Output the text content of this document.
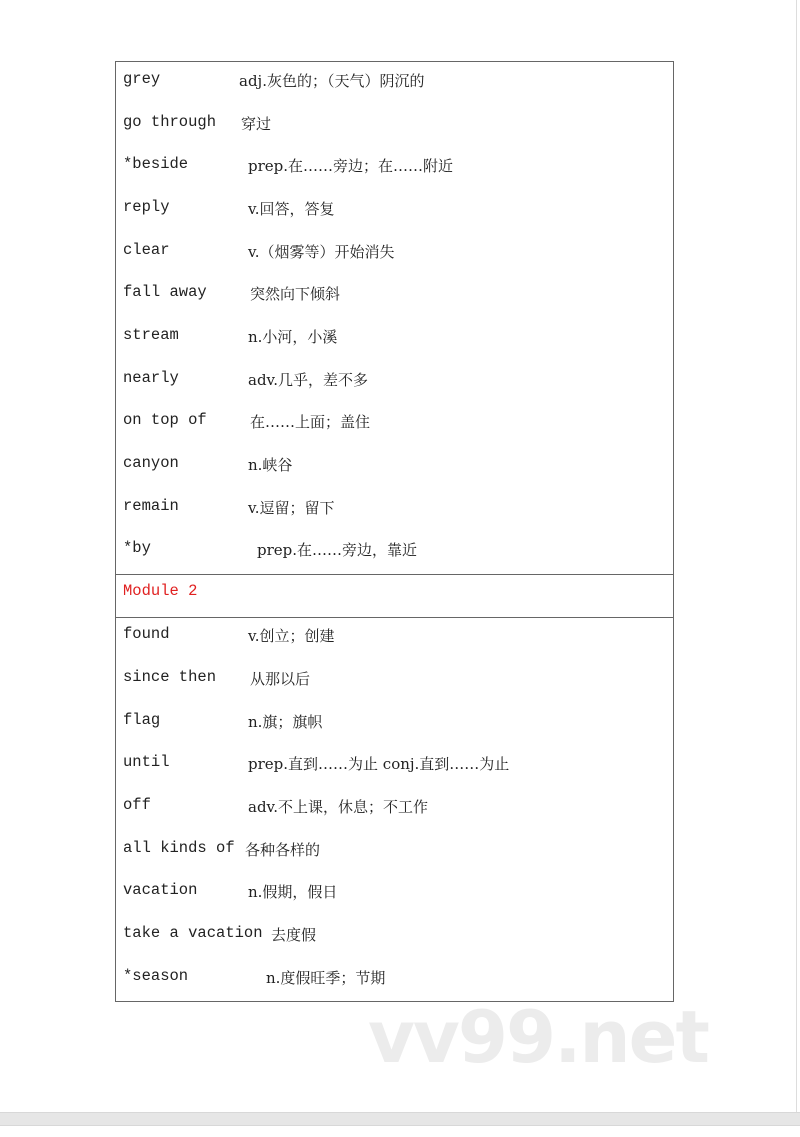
grey	adj.灰色的；（天气）阴沉的
go through 穿过
*beside	prep.在……旁边；在……附近
reply	v.回答，答复
clear	v.（烟雾等）开始消失
fall away	突然向下倾斜
stream	n.小河，小溪
nearly	adv.几乎，差不多
on top of	在……上面；盖住
canyon	n.峡谷
remain	v.逗留；留下
*by	prep.在……旁边，靠近
Module 2
found	v.创立；创建
since then 从那以后
flag	n.旗；旗帜
until	prep.直到……为止 conj.直到……为止
off	adv.不上课，休息；不工作
all kinds of 各种各样的
vacation	n.假期，假日
take a vacation 去度假
*season	n.度假旺季；节期
vv99.net
